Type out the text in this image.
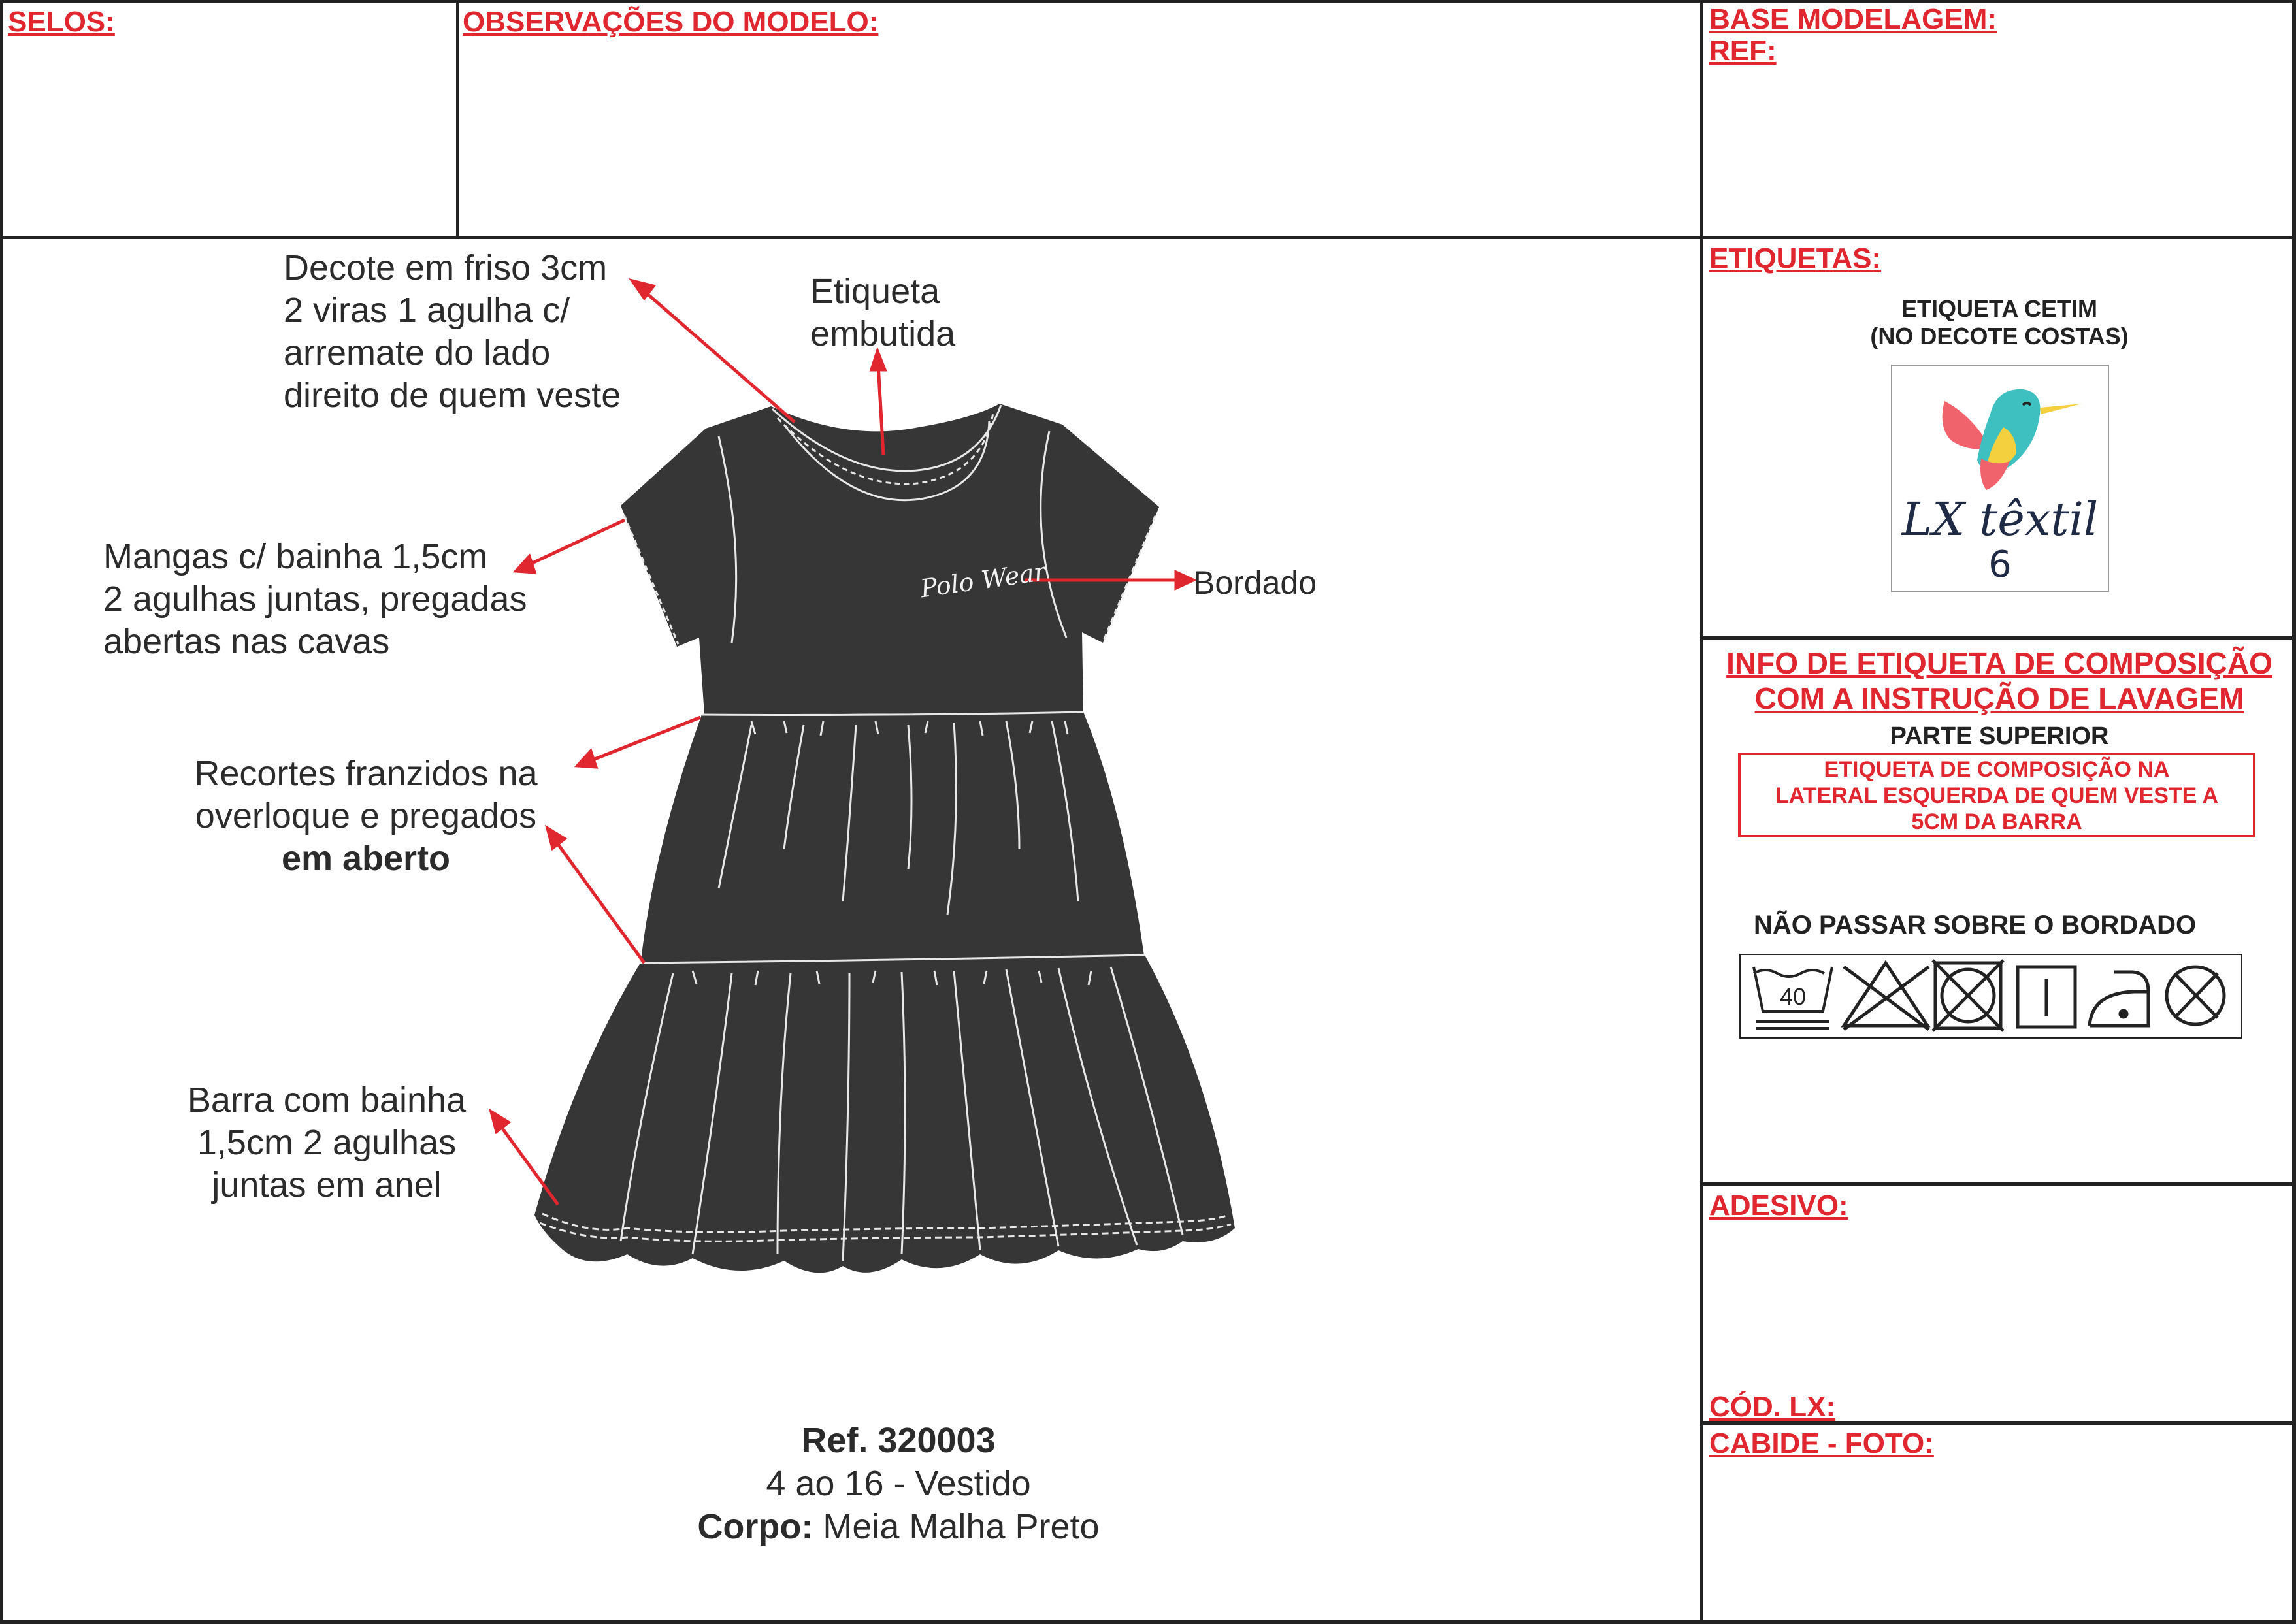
SELOS:	OBSERVAÇÕES DO MODELO:	BASE MODELAGEM:
REF:
ETIQUETAS:
ADESIVO:
CÓD. LX:
CABIDE - FOTO:
Polo Wear
Decote em friso 3cm
2 viras 1 agulha c/
arremate do lado
direito de quem veste
Etiqueta
embutida
Mangas c/ bainha 1,5cm
2 agulhas juntas, pregadas
abertas nas cavas
Bordado
Recortes franzidos na
overloque e pregados
em aberto
Barra com bainha
1,5cm 2 agulhas
juntas em anel
Ref. 320003
4 ao 16 - Vestido
Corpo: Meia Malha Preto
ETIQUETA CETIM
(NO DECOTE COSTAS)
LX têxtil
6
INFO DE ETIQUETA DE COMPOSIÇÃO
COM A INSTRUÇÃO DE LAVAGEM
PARTE SUPERIOR
ETIQUETA DE COMPOSIÇÃO NA
LATERAL ESQUERDA DE QUEM VESTE A
5CM DA BARRA
NÃO PASSAR SOBRE O BORDADO
40
